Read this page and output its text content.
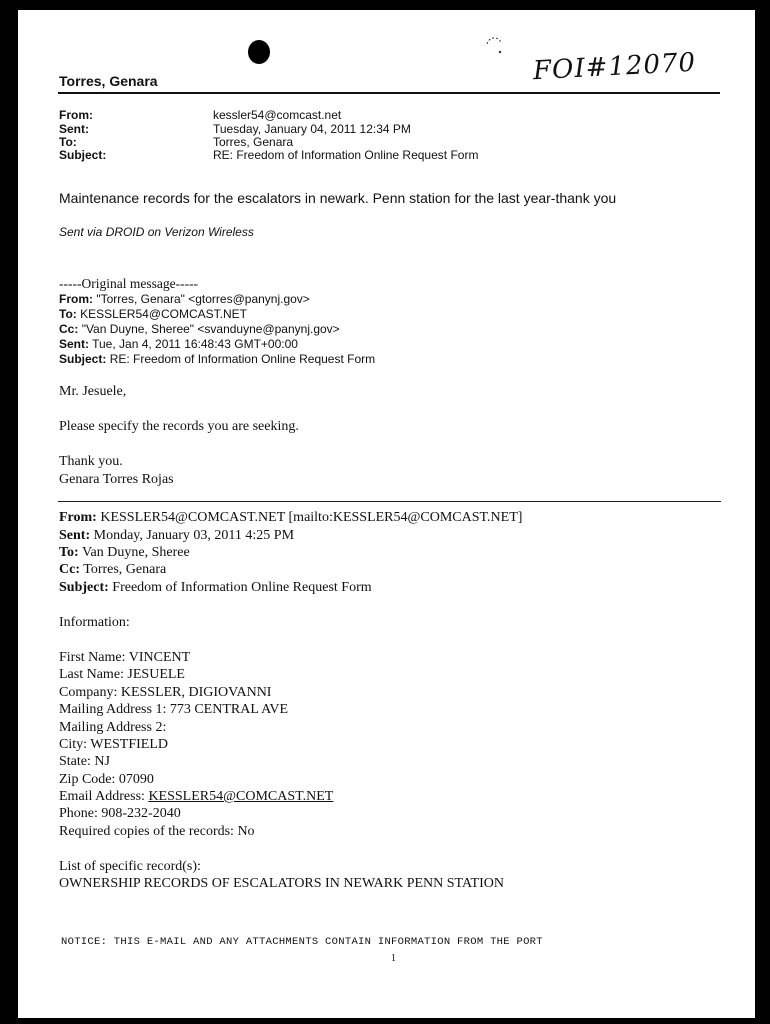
FOI#12070
Torres, Genara
From:	kessler54@comcast.net
Sent:	Tuesday, January 04, 2011 12:34 PM
To:	Torres, Genara
Subject:	RE: Freedom of Information Online Request Form
Maintenance records for the escalators in newark. Penn station for the last year-thank you
Sent via DROID on Verizon Wireless
-----Original message-----
From: "Torres, Genara" <gtorres@panynj.gov>
To: KESSLER54@COMCAST.NET
Cc: "Van Duyne, Sheree" <svanduyne@panynj.gov>
Sent: Tue, Jan 4, 2011 16:48:43 GMT+00:00
Subject: RE: Freedom of Information Online Request Form
Mr. Jesuele,
Please specify the records you are seeking.
Thank you.
Genara Torres Rojas
From: KESSLER54@COMCAST.NET [mailto:KESSLER54@COMCAST.NET]
Sent: Monday, January 03, 2011 4:25 PM
To: Van Duyne, Sheree
Cc: Torres, Genara
Subject: Freedom of Information Online Request Form
Information:
First Name: VINCENT
Last Name: JESUELE
Company: KESSLER, DIGIOVANNI
Mailing Address 1: 773 CENTRAL AVE
Mailing Address 2:
City: WESTFIELD
State: NJ
Zip Code: 07090
Email Address: KESSLER54@COMCAST.NET
Phone: 908-232-2040
Required copies of the records: No
List of specific record(s):
OWNERSHIP RECORDS OF ESCALATORS IN NEWARK PENN STATION
NOTICE: THIS E-MAIL AND ANY ATTACHMENTS CONTAIN INFORMATION FROM THE PORT
1
